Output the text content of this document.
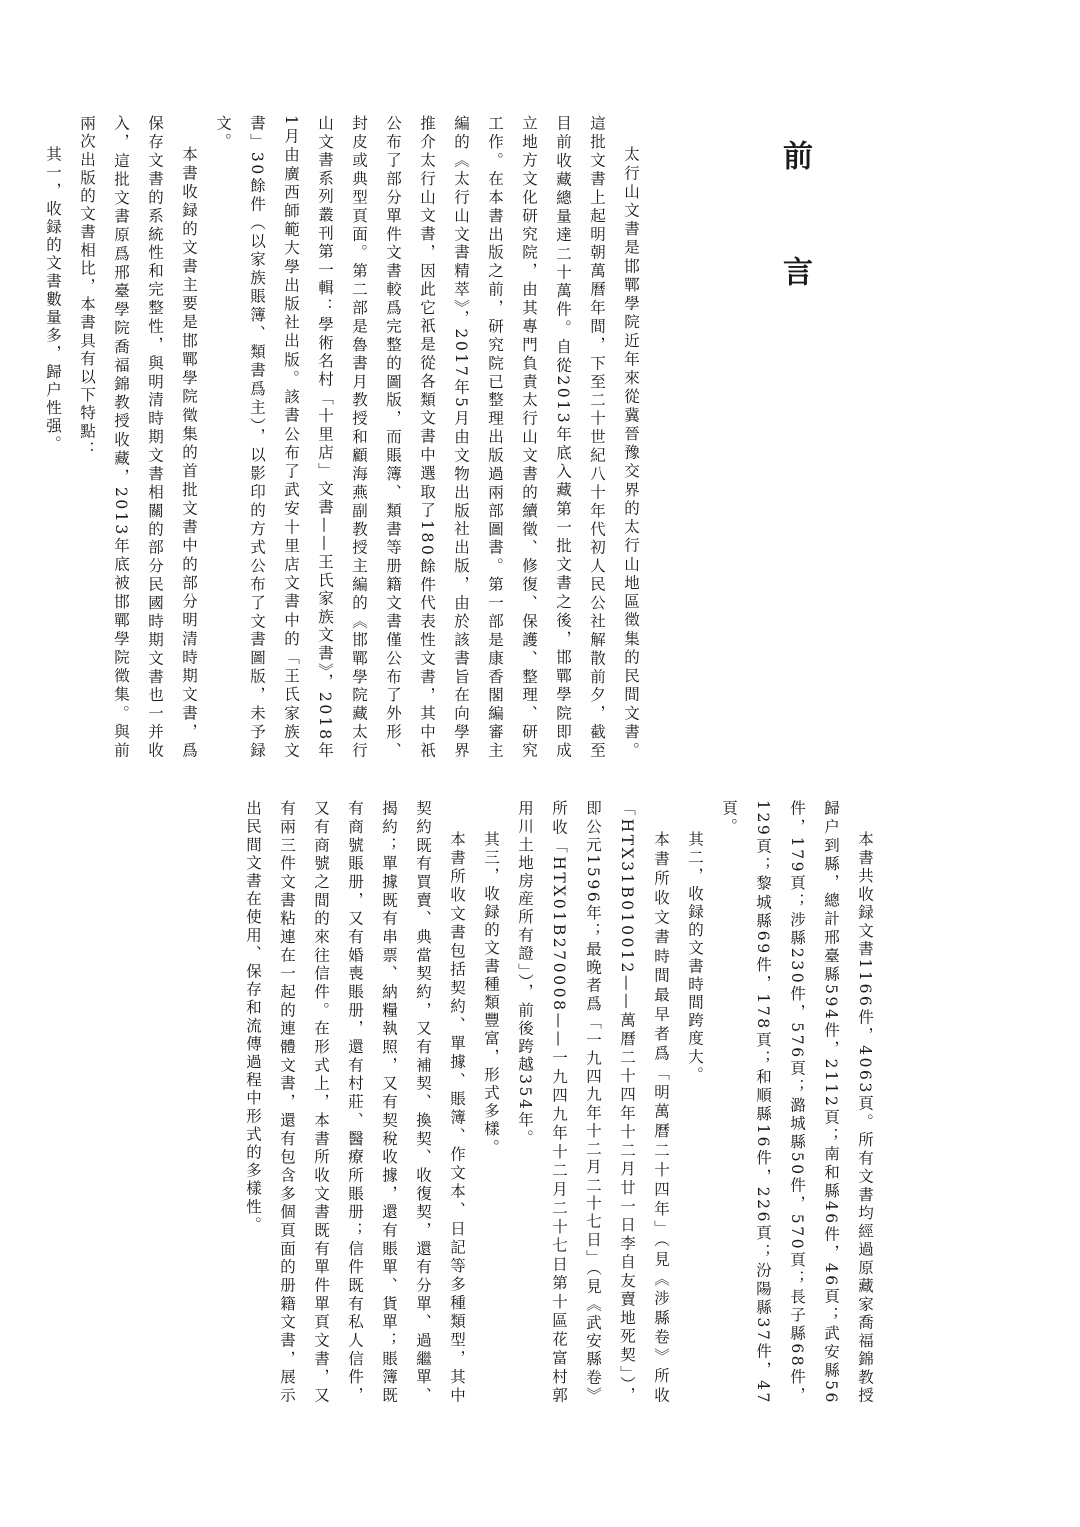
前　言

太行山文書是邯鄲學院近年來從冀晉豫交界的太行山地區徵集的民間文書。這批文書上起明朝萬曆年間，下至二十世紀八十年代初人民公社解散前夕，截至目前收藏總量達二十萬件。自從2013年底入藏第一批文書之後，邯鄲學院即成立地方文化研究院，由其專門負責太行山文書的續徵、修復、保護、整理、研究工作。在本書出版之前，研究院已整理出版過兩部圖書。第一部是康香閣編審主編的《太行山文書精萃》，2017年5月由文物出版社出版，由於該書旨在向學界推介太行山文書，因此它祇是從各類文書中選取了180餘件代表性文書，其中祇公布了部分單件文書較爲完整的圖版，而賬簿、類書等册籍文書僅公布了外形、封皮或典型頁面。第二部是魯書月教授和顧海燕副教授主編的《邯鄲學院藏太行山文書系列叢刊第一輯：學術名村「十里店」文書——王氏家族文書》，2018年1月由廣西師範大學出版社出版。該書公布了武安十里店文書中的「王氏家族文書」30餘件（以家族賬簿、類書爲主），以影印的方式公布了文書圖版，未予録文。

本書收録的文書主要是邯鄲學院徵集的首批文書中的部分明清時期文書，爲保存文書的系統性和完整性，與明清時期文書相關的部分民國時期文書也一并收入，這批文書原爲邢臺學院喬福錦教授收藏，2013年底被邯鄲學院徵集。與前兩次出版的文書相比，本書具有以下特點：

其一，收録的文書數量多，歸户性强。

本書共收録文書1166件，4063頁。所有文書均經過原藏家喬福錦教授歸户到縣，總計邢臺縣594件，2112頁；南和縣46件，46頁；武安縣56件，179頁；涉縣230件，576頁；潞城縣50件，570頁；長子縣68件，129頁；黎城縣69件，178頁；和順縣16件，226頁；汾陽縣37件，47頁。

其二，收録的文書時間跨度大。

本書所收文書時間最早者爲「明萬曆二十四年」（見《涉縣卷》所收「HTX31B010012——萬曆二十四年十二月廿一日李自友賣地死契」），即公元1596年；最晚者爲「一九四九年十二月二十七日」（見《武安縣卷》所收「HTX01B270008——一九四九年十二月二十七日第十區花富村郭用川土地房産所有證」），前後跨越354年。

其三，收録的文書種類豐富，形式多樣。

本書所收文書包括契約、單據、賬簿、作文本、日記等多種類型，其中契約既有買賣、典當契約，又有補契、換契、收復契，還有分單、過繼單、揭約；單據既有串票、納糧執照，又有契稅收據，還有賬單、貨單；賬簿既有商號賬册，又有婚喪賬册，還有村莊、醫療所賬册；信件既有私人信件，又有商號之間的來往信件。在形式上，本書所收文書既有單件單頁文書，又有兩三件文書粘連在一起的連體文書，還有包含多個頁面的册籍文書，展示出民間文書在使用、保存和流傳過程中形式的多樣性。
